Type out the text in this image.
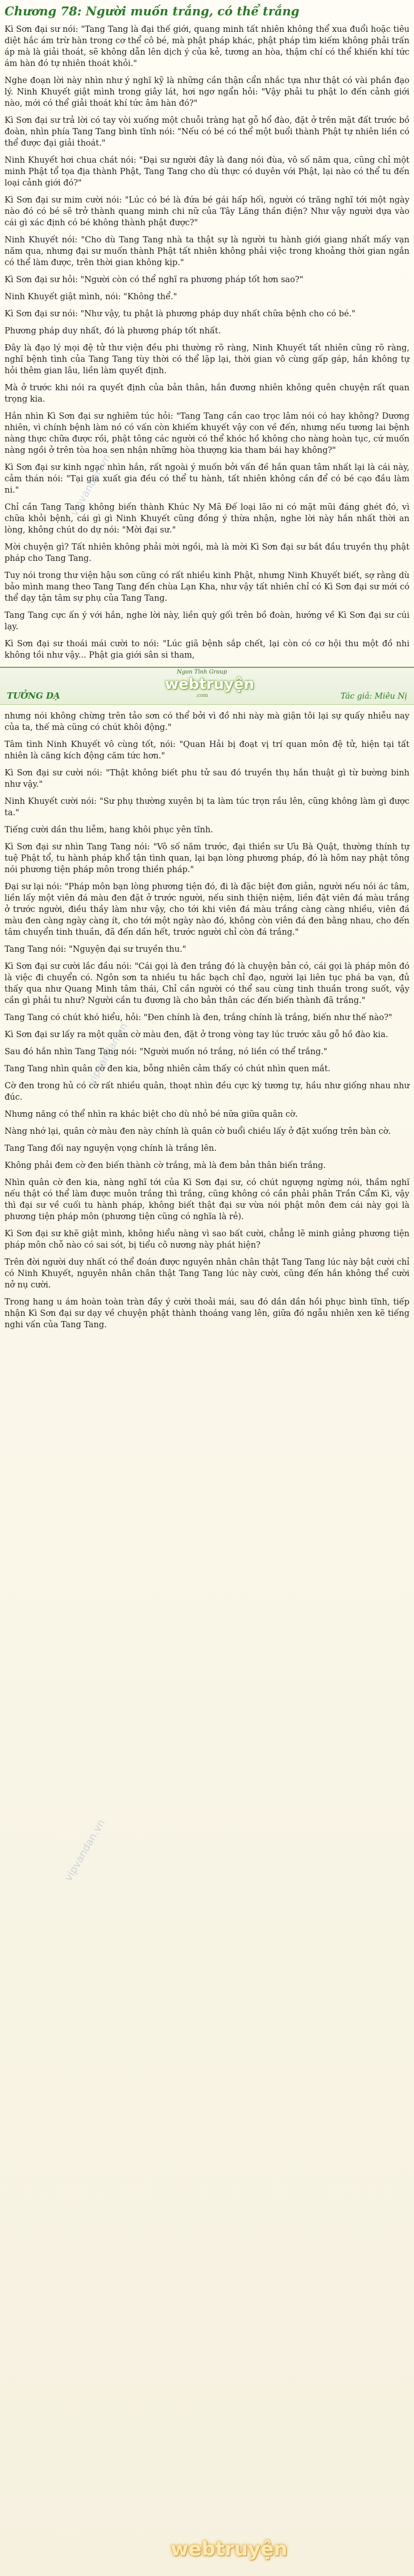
Chương 78: Người muốn trắng, có thể trắng

Kì Sơn đại sư nói: "Tang Tang là đại thế giới, quang minh tất nhiên không thể xua đuổi hoặc tiêu diệt hắc ám trừ hàn trong cơ thể cô bé, mà phật pháp khác, phật pháp tìm kiếm không phải trấn áp mà là giải thoát, sẽ không dẫn lên dịch ý của kẻ, tương an hòa, thậm chí có thể khiến khí tức ám hàn đó tự nhiên thoát khỏi."

Nghe đoạn lời này nhìn như ý nghĩ kỹ là những cần thận cẩn nhắc tựa như thật có vài phần đạo lý. Ninh Khuyết giật mình trong giây lát, hơi ngơ ngẩn hỏi: "Vậy phải tu phật lo đến cảnh giới nào, mới có thể giải thoát khí tức âm hàn đó?"

Kì Sơn đại sư trả lời có tay vòi xuống một chuỗi tràng hạt gỗ hổ đào, đặt ở trên mặt đất trước bồ đoàn, nhìn phía Tang Tang bình tĩnh nói: "Nếu có bé có thể một buổi thành Phật tự nhiên liền có thể được đại giải thoát."

Ninh Khuyết hơi chua chát nói: "Đại sư người đây là đang nói đùa, vô số năm qua, cũng chỉ một minh Phật tổ tọa địa thành Phật, Tang Tang cho dù thực có duyên với Phật, lại nào có thể tu đến loại cảnh giới đó?"

Kì Sơn đại sư mim cười nói: "Lúc có bé là đứa bé gái hấp hối, người có trăng nghĩ tới một ngày nào đó có bé sẽ trở thành quang minh chi nữ của Tây Lăng thần điện? Như vậy người dựa vào cái gì xác định có bé không thành phật được?"

Ninh Khuyết nói: "Cho dù Tang Tang nhà ta thật sự là người tu hành giới giang nhất mấy vạn năm qua, nhưng đại sư muốn thành Phật tất nhiên không phải việc trong khoảng thời gian ngắn có thể làm được, trên thời gian không kịp."

Kì Sơn đại sư hỏi: "Người còn có thể nghĩ ra phương pháp tốt hơn sao?"

Ninh Khuyết giật mình, nói: "Không thể."

Kì Sơn đại sư nói: "Như vậy, tu phật là phương pháp duy nhất chữa bệnh cho có bé."

Phương pháp duy nhất, đó là phương pháp tốt nhất.

Đây là đạo lý mọi đệ tử thư viện đều phi thường rõ ràng, Ninh Khuyết tất nhiên cũng rõ ràng, nghĩ bệnh tình của Tang Tang tùy thời có thể lặp lại, thời gian vô cùng gấp gáp, hắn không tự hỏi thêm gian lâu, liền làm quyết định.

Mà ở trước khi nói ra quyết định của bản thân, hắn đương nhiên không quên chuyện rất quan trọng kia.

Hắn nhìn Kì Sơn đại sư nghiêm túc hỏi: "Tang Tang cần cao trọc lâm nói có hay không? Dương nhiên, vì chính bệnh làm nó có vấn còn khiếm khuyết vậy con về đến, nhưng nếu tương lai bệnh nàng thực chữa được rồi, phật tông các người có thể khóc hồ không cho nàng hoàn tục, cứ muốn nàng ngồi ở trên tòa hoa sen nhận những hòa thượng kia tham bái hay không?"

Kì Sơn đại sư kinh ngạc nhìn hắn, rất ngoài ý muốn bởi vấn đề hắn quan tâm nhất lại là cái này, cảm thán nói: "Tại gia xuất gia đều có thể tu hành, tất nhiên không cần để có bé cạo đầu làm ni."

Chỉ cần Tang Tang không biến thành Khúc Ny Mã Đế loại lão ni có mặt mũi đáng ghét đó, vì chữa khỏi bệnh, cái gì gì Ninh Khuyết cũng đồng ý thừa nhận, nghe lời này hắn nhất thời an lòng, không chút do dự nói: "Mời đại sư."

Mời chuyện gì? Tất nhiên không phải mời ngồi, mà là mời Kì Sơn đại sư bắt đầu truyền thụ phật pháp cho Tang Tang.

Tuy nói trong thư viện hậu sơn cũng có rất nhiều kinh Phật, nhưng Ninh Khuyết biết, sợ rằng dù bảo mình mang theo Tang Tang đến chùa Lạn Kha, như vậy tất nhiên chỉ có Kì Sơn đại sư mới có thể dạy tận tâm sự phụ của Tang Tang.

Tang Tang cực ấn ý với hắn, nghe lời này, liền quỳ gối trên bồ đoàn, hướng về Kì Sơn đại sư cúi lạy.

Kì Sơn đại sư thoái mái cười to nói: "Lúc giã bệnh sắp chết, lại còn có cơ hội thu một đồ nhi không tồi như vậy... Phật gia giới sân si tham,

TƯỞNG DẠ
Ngon Tình Group
webtruyện
.com	Tác giả: Miêu Nị

nhưng nói không chừng trên tảo sơn có thể bởi vì đồ nhi này mà giận tôi lại sự quấy nhiễu nay của ta, thế mà cũng có chút khôi động."

Tâm tình Ninh Khuyết vô cùng tốt, nói: "Quan Hải bị đoạt vị trí quan môn đệ tử, hiện tại tất nhiên là căng kích động căm tức hơn."

Kì Sơn đại sư cười nói: "Thật không biết phu tử sau đó truyền thụ hắn thuật gì từ bường binh như vậy."

Ninh Khuyết cười nói: "Sư phụ thường xuyên bị ta làm túc trọn rầu lên, cũng không làm gì được ta."

Tiếng cười dần thu liễm, hang khôi phục yên tĩnh.

Kì Sơn đại sư nhìn Tang Tang nói: "Vô số năm trước, đại thiền sư Ưu Bà Quật, thường thính tự tuệ Phật tổ, tu hành pháp khổ tận tình quan, lại bạn lòng phương pháp, đó là hôm nay phật tông nói phương tiện pháp môn trong thiền pháp."

Đại sư lại nói: "Pháp môn bạn lòng phương tiện đó, đi là đặc biệt đơn giản, người nếu nói ác tâm, liền lấy một viên đá màu đen đặt ở trước người, nếu sinh thiện niệm, liền đặt viên đá màu trắng ở trước người, điều thầy làm như vậy, cho tới khi viên đá màu trắng càng càng nhiều, viên đá màu đen càng ngày càng ít, cho tới một ngày nào đó, không còn viên đá đen bằng nhau, cho đến tâm chuyển tinh thuần, đã đến dần hết, trước người chỉ còn đá trắng."

Tang Tang nói: "Nguyện đại sư truyền thu."

Kì Sơn đại sư cười lắc đầu nói: "Cái gọi là đen trắng đó là chuyện bản có, cái gọi là pháp môn đó là việc đi chuyển có. Ngôn sơn ta nhiều tu hắc bạch chỉ đạo, người lại liên tục phá ba vạn, đủ thấy qua như Quang Minh tâm thái, Chỉ cần người có thể sau cùng tinh thuần trong suốt, vậy cần gì phải tu như? Người cần tu đương là cho bản thân các đến biến thành đã trắng."

Tang Tang có chút khó hiểu, hỏi: "Đen chính là đen, trắng chính là trắng, biến như thế nào?"

Kì Sơn đại sư lấy ra một quân cờ màu đen, đặt ở trong vòng tay lúc trước xâu gỗ hồ đào kia.

Sau đó hắn nhìn Tang Tang nói: "Người muốn nó trắng, nó liền có thể trắng."

Tang Tang nhìn quân cờ đen kia, bỗng nhiên cảm thấy có chút nhìn quen mắt.

Cờ đen trong hủ có cờ rất nhiều quân, thoạt nhìn đều cực kỳ tương tự, hầu như giống nhau như đúc.

Nhưng năng có thể nhìn ra khác biệt cho dù nhỏ bé nữa giữa quân cờ.

Nàng nhớ lại, quân cờ màu đen này chính là quân cờ buổi chiều lấy ở đặt xuống trên bàn cờ.

Tang Tang đối nay nguyện vọng chính là trắng lên.

Không phải đem cờ đen biến thành cờ trắng, mà là đem bản thân biến trắng.

Nhìn quân cờ đen kia, nàng nghĩ tới của Kì Sơn đại sư, có chút ngượng ngừng nói, thầm nghĩ nếu thật có thể làm được muôn trắng thì trắng, cũng không có cần phải phân Trần Cẩm Kì, vậy thì đại sư về cuối tu hành pháp, không biết thật đại sư vừa nói phật môn đem cái này gọi là phương tiện pháp môn (phương tiện cũng có nghĩa là rẻ).

Kì Sơn đại sư khẽ giật mình, không hiểu nàng vì sao bất cười, chẳng lẽ minh giảng phương tiện pháp môn chỗ nào có sai sót, bị tiểu cô nương này phát hiện?

Trên đời người duy nhất có thể đoán được nguyên nhân chân thật Tang Tang lúc này bật cười chỉ có Ninh Khuyết, nguyên nhân chân thật Tang Tang lúc này cười, cũng đến hắn không thể cười nở nụ cười.

Trong hang u ám hoàn toàn tràn đầy ý cười thoải mái, sau đó dần dần hồi phục bình tĩnh, tiếp nhận Kì Sơn đại sư dạy về chuyện phật thành thoáng vang lên, giữa đó ngẫu nhiên xen kẽ tiếng nghi vấn của Tang Tang.

vipvandan.vn
vipvandan.vn
vipvandan.vn
webtruyện
